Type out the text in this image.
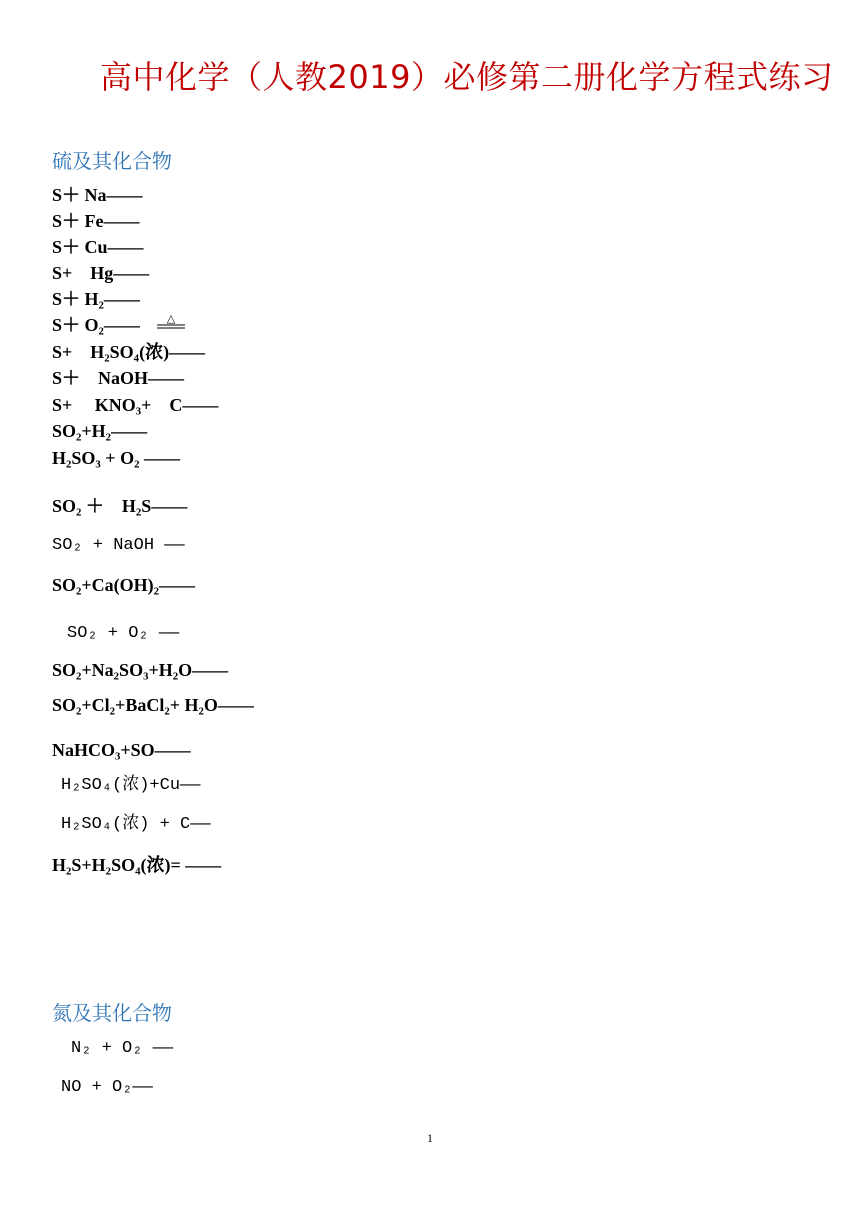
高中化学（人教2019）必修第二册化学方程式练习
硫及其化合物
S＋ Na——
S＋ Fe——
S＋ Cu——
S+　Hg——
S＋ H₂——
S＋ O₂—— △
S+　H₂SO₄(浓)——
S＋　NaOH——
S+　 KNO₃+　C——
SO₂+H₂——
H₂SO₃ + O₂ ——
SO₂ ＋　H₂S——
SO₂ + NaOH ——
SO₂+Ca(OH)₂——
SO₂ + O₂ ——
SO₂+Na₂SO₃+H₂O——
SO₂+Cl₂+BaCl₂+ H₂O——
NaHCO₃+SO——
H₂SO₄(浓)+Cu——
H₂SO₄(浓) + C——
H₂S+H₂SO₄(浓)= ——
氮及其化合物
N₂ + O₂ ——
NO + O₂——
1
